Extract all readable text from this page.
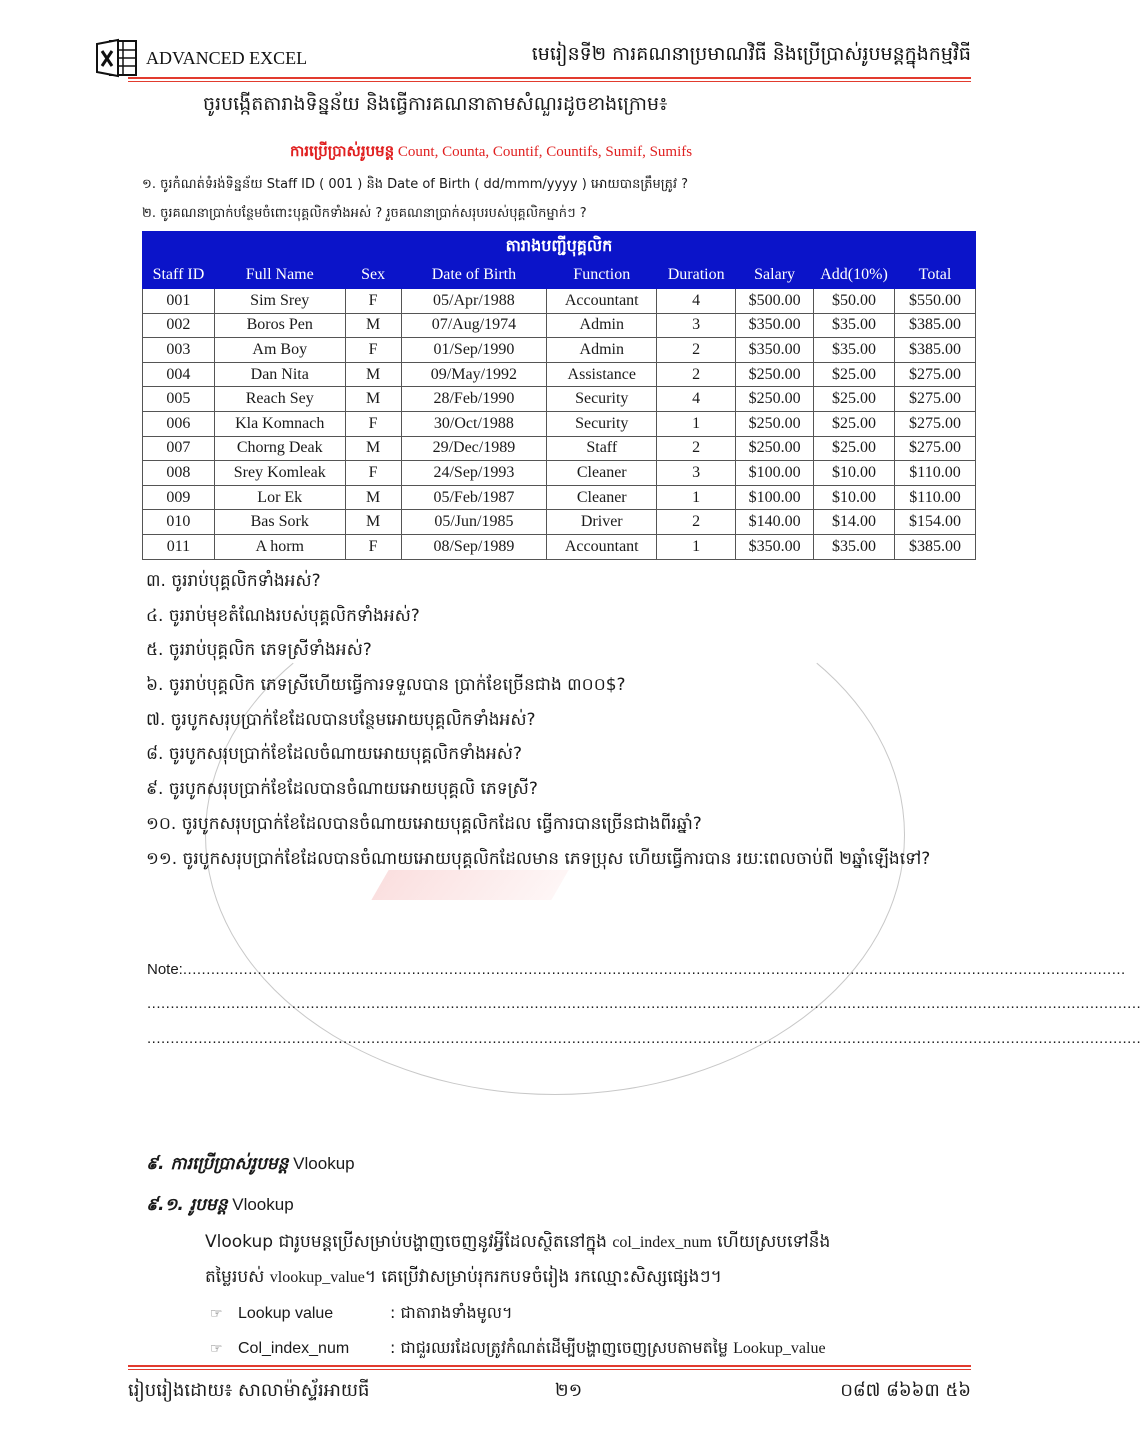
ADVANCED EXCEL	មេរៀនទី២ ការគណនាប្រមាណវិធី និងប្រើប្រាស់រូបមន្តក្នុងកម្មវិធី
ចូរបង្កើតតារាងទិន្នន័យ និងធ្វើការគណនាតាមសំណួរដូចខាងក្រោម៖
ការប្រើប្រាស់រូបមន្ត Count, Counta, Countif, Countifs, Sumif, Sumifs
១. ចូរកំណត់ទំរង់ទិន្នន័យ Staff ID ( 001 ) និង Date of Birth ( dd/mmm/yyyy ) អោយបានត្រឹមត្រូវ ?
២. ចូរគណនាប្រាក់បន្ថែមចំពោះបុគ្គលិកទាំងអស់ ? រួចគណនាប្រាក់សរុបរបស់បុគ្គលិកម្នាក់ៗ ?
តារាងបញ្ជីបុគ្គលិក								
Staff ID	Full Name	Sex	Date of Birth	Function	Duration	Salary	Add(10%)	Total
001	Sim Srey	F	05/Apr/1988	Accountant	4	$500.00	$50.00	$550.00
002	Boros Pen	M	07/Aug/1974	Admin	3	$350.00	$35.00	$385.00
003	Am Boy	F	01/Sep/1990	Admin	2	$350.00	$35.00	$385.00
004	Dan Nita	M	09/May/1992	Assistance	2	$250.00	$25.00	$275.00
005	Reach Sey	M	28/Feb/1990	Security	4	$250.00	$25.00	$275.00
006	Kla Komnach	F	30/Oct/1988	Security	1	$250.00	$25.00	$275.00
007	Chorng Deak	M	29/Dec/1989	Staff	2	$250.00	$25.00	$275.00
008	Srey Komleak	F	24/Sep/1993	Cleaner	3	$100.00	$10.00	$110.00
009	Lor Ek	M	05/Feb/1987	Cleaner	1	$100.00	$10.00	$110.00
010	Bas Sork	M	05/Jun/1985	Driver	2	$140.00	$14.00	$154.00
011	A horm	F	08/Sep/1989	Accountant	1	$350.00	$35.00	$385.00
៣. ចូររាប់បុគ្គលិកទាំងអស់?
៤. ចូររាប់មុខតំណែងរបស់បុគ្គលិកទាំងអស់?
៥. ចូររាប់បុគ្គលិក ភេទស្រីទាំងអស់?
៦. ចូររាប់បុគ្គលិក ភេទស្រីហើយធ្វើការទទួលបាន ប្រាក់ខែច្រើនជាង ៣០០$?
៧. ចូរបូកសរុបប្រាក់ខែដែលបានបន្ថែមអោយបុគ្គលិកទាំងអស់?
៨. ចូរបូកសរុបប្រាក់ខែដែលចំណាយអោយបុគ្គលិកទាំងអស់?
៩. ចូរបូកសរុបប្រាក់ខែដែលបានចំណាយអោយបុគ្គលិ ភេទស្រី?
១០. ចូរបូកសរុបប្រាក់ខែដែលបានចំណាយអោយបុគ្គលិកដែល ធ្វើការបានច្រើនជាងពីរឆ្នាំ?
១១. ចូរបូកសរុបប្រាក់ខែដែលបានចំណាយអោយបុគ្គលិកដែលមាន ភេទប្រុស ហើយធ្វើការបាន រយៈពេលចាប់ពី ២ឆ្នាំឡើងទៅ?
Note:..........................................................................................................................................................................................................
.....................................................................................................................................................................................................................
.....................................................................................................................................................................................................................
៩. ការប្រើប្រាស់រូបមន្ត Vlookup
៩.១. រូបមន្ត Vlookup
Vlookup ជារូបមន្តប្រើសម្រាប់បង្ហាញចេញនូវអ្វីដែលស្ថិតនៅក្នុង col_index_num ហើយស្របទៅនឹង
តម្លៃរបស់ vlookup_value។ គេប្រើវាសម្រាប់រុករកបទចំរៀង រកឈ្មោះសិស្សផ្សេងៗ។
☞ Lookup value	: ជាតារាងទាំងមូល។
☞ Col_index_num	: ជាជួរឈរដែលត្រូវកំណត់ដើម្បីបង្ហាញចេញស្របតាមតម្លៃ Lookup_value
រៀបរៀងដោយ៖ សាលាម៉ាស្ទ័រអាយធី	២១	០៨៧ ៨៦៦៣ ៥៦
